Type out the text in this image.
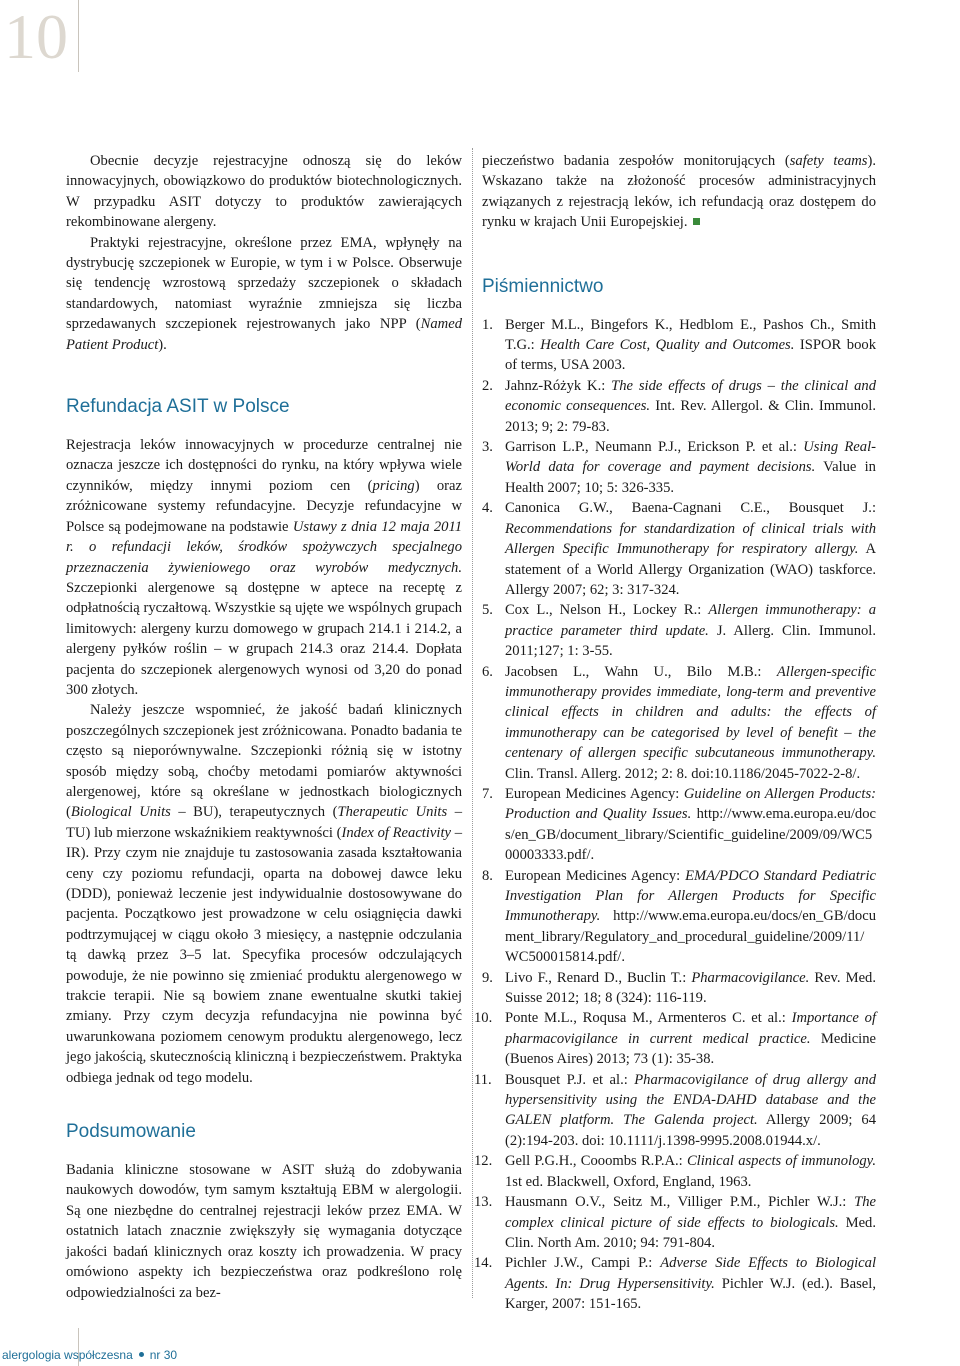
10

Obecnie decyzje rejestracyjne odnoszą się do leków innowacyjnych, obowiązkowo do produktów biotechnologicznych. W przypadku ASIT dotyczy to produktów zawierających rekombinowane alergeny.

Praktyki rejestracyjne, określone przez EMA, wpłynęły na dystrybucję szczepionek w Europie, w tym i w Polsce. Obserwuje się tendencję wzrostową sprzedaży szczepionek o składach standardowych, natomiast wyraźnie zmniejsza się liczba sprzedawanych szczepionek rejestrowanych jako NPP (Named Patient Product).

Refundacja ASIT w Polsce

Rejestracja leków innowacyjnych w procedurze centralnej nie oznacza jeszcze ich dostępności do rynku, na który wpływa wiele czynników, między innymi poziom cen (pricing) oraz zróżnicowane systemy refundacyjne. Decyzje refundacyjne w Polsce są podejmowane na podstawie Ustawy z dnia 12 maja 2011 r. o refundacji leków, środków spożywczych specjalnego przeznaczenia żywieniowego oraz wyrobów medycznych. Szczepionki alergenowe są dostępne w aptece na receptę z odpłatnością ryczałtową. Wszystkie są ujęte we wspólnych grupach limitowych: alergeny kurzu domowego w grupach 214.1 i 214.2, a alergeny pyłków roślin – w grupach 214.3 oraz 214.4. Dopłata pacjenta do szczepionek alergenowych wynosi od 3,20 do ponad 300 złotych.

Należy jeszcze wspomnieć, że jakość badań klinicznych poszczególnych szczepionek jest zróżnicowana. Ponadto badania te często są nieporównywalne. Szczepionki różnią się w istotny sposób między sobą, choćby metodami pomiarów aktywności alergenowej, które są określane w jednostkach biologicznych (Biological Units – BU), terapeutycznych (Therapeutic Units – TU) lub mierzone wskaźnikiem reaktywności (Index of Reactivity – IR). Przy czym nie znajduje tu zastosowania zasada kształtowania ceny czy poziomu refundacji, oparta na dobowej dawce leku (DDD), ponieważ leczenie jest indywidualnie dostosowywane do pacjenta. Początkowo jest prowadzone w celu osiągnięcia dawki podtrzymującej w ciągu około 3 miesięcy, a następnie odczulania tą dawką przez 3–5 lat. Specyfika procesów odczulających powoduje, że nie powinno się zmieniać produktu alergenowego w trakcie terapii. Nie są bowiem znane ewentualne skutki takiej zmiany. Przy czym decyzja refundacyjna nie powinna być uwarunkowana poziomem cenowym produktu alergenowego, lecz jego jakością, skutecznością kliniczną i bezpieczeństwem. Praktyka odbiega jednak od tego modelu.

Podsumowanie

Badania kliniczne stosowane w ASIT służą do zdobywania naukowych dowodów, tym samym kształtują EBM w alergologii. Są one niezbędne do centralnej rejestracji leków przez EMA. W ostatnich latach znacznie zwiększyły się wymagania dotyczące jakości badań klinicznych oraz koszty ich prowadzenia. W pracy omówiono aspekty ich bezpieczeństwa oraz podkreślono rolę odpowiedzialności za bez-

pieczeństwo badania zespołów monitorujących (safety teams). Wskazano także na złożoność procesów administracyjnych związanych z rejestracją leków, ich refundacją oraz dostępem do rynku w krajach Unii Europejskiej.

Piśmiennictwo
1. Berger M.L., Bingefors K., Hedblom E., Pashos Ch., Smith T.G.: Health Care Cost, Quality and Outcomes. ISPOR book of terms, USA 2003.
2. Jahnz-Różyk K.: The side effects of drugs – the clinical and economic consequences. Int. Rev. Allergol. & Clin. Immunol. 2013; 9; 2: 79-83.
3. Garrison L.P., Neumann P.J., Erickson P. et al.: Using Real-World data for coverage and payment decisions. Value in Health 2007; 10; 5: 326-335.
4. Canonica G.W., Baena-Cagnani C.E., Bousquet J.: Recommendations for standardization of clinical trials with Allergen Specific Immunotherapy for respiratory allergy. A statement of a World Allergy Organization (WAO) taskforce. Allergy 2007; 62; 3: 317-324.
5. Cox L., Nelson H., Lockey R.: Allergen immunotherapy: a practice parameter third update. J. Allerg. Clin. Immunol. 2011;127; 1: 3-55.
6. Jacobsen L., Wahn U., Bilo M.B.: Allergen-specific immunotherapy provides immediate, long-term and preventive clinical effects in children and adults: the effects of immunotherapy can be categorised by level of benefit – the centenary of allergen specific subcutaneous immunotherapy. Clin. Transl. Allerg. 2012; 2: 8. doi:10.1186/2045-7022-2-8/.
7. European Medicines Agency: Guideline on Allergen Products: Production and Quality Issues. http://www.ema.europa.eu/docs/en_GB/document_library/Scientific_guideline/2009/09/WC500003333.pdf/.
8. European Medicines Agency: EMA/PDCO Standard Pediatric Investigation Plan for Allergen Products for Specific Immunotherapy. http://www.ema.europa.eu/docs/en_GB/document_library/Regulatory_and_procedural_guideline/2009/11/WC500015814.pdf/.
9. Livo F., Renard D., Buclin T.: Pharmacovigilance. Rev. Med. Suisse 2012; 18; 8 (324): 116-119.
10. Ponte M.L., Roqusa M., Armenteros C. et al.: Importance of pharmacovigilance in current medical practice. Medicine (Buenos Aires) 2013; 73 (1): 35-38.
11. Bousquet P.J. et al.: Pharmacovigilance of drug allergy and hypersensitivity using the ENDA-DAHD database and the GALEN platform. The Galenda project. Allergy 2009; 64 (2):194-203. doi: 10.1111/j.1398-9995.2008.01944.x/.
12. Gell P.G.H., Cooombs R.P.A.: Clinical aspects of immunology. 1st ed. Blackwell, Oxford, England, 1963.
13. Hausmann O.V., Seitz M., Villiger P.M., Pichler W.J.: The complex clinical picture of side effects to biologicals. Med. Clin. North Am. 2010; 94: 791-804.
14. Pichler J.W., Campi P.: Adverse Side Effects to Biological Agents. In: Drug Hypersensitivity. Pichler W.J. (ed.). Basel, Karger, 2007: 151-165.
alergologia współczesna nr 30
